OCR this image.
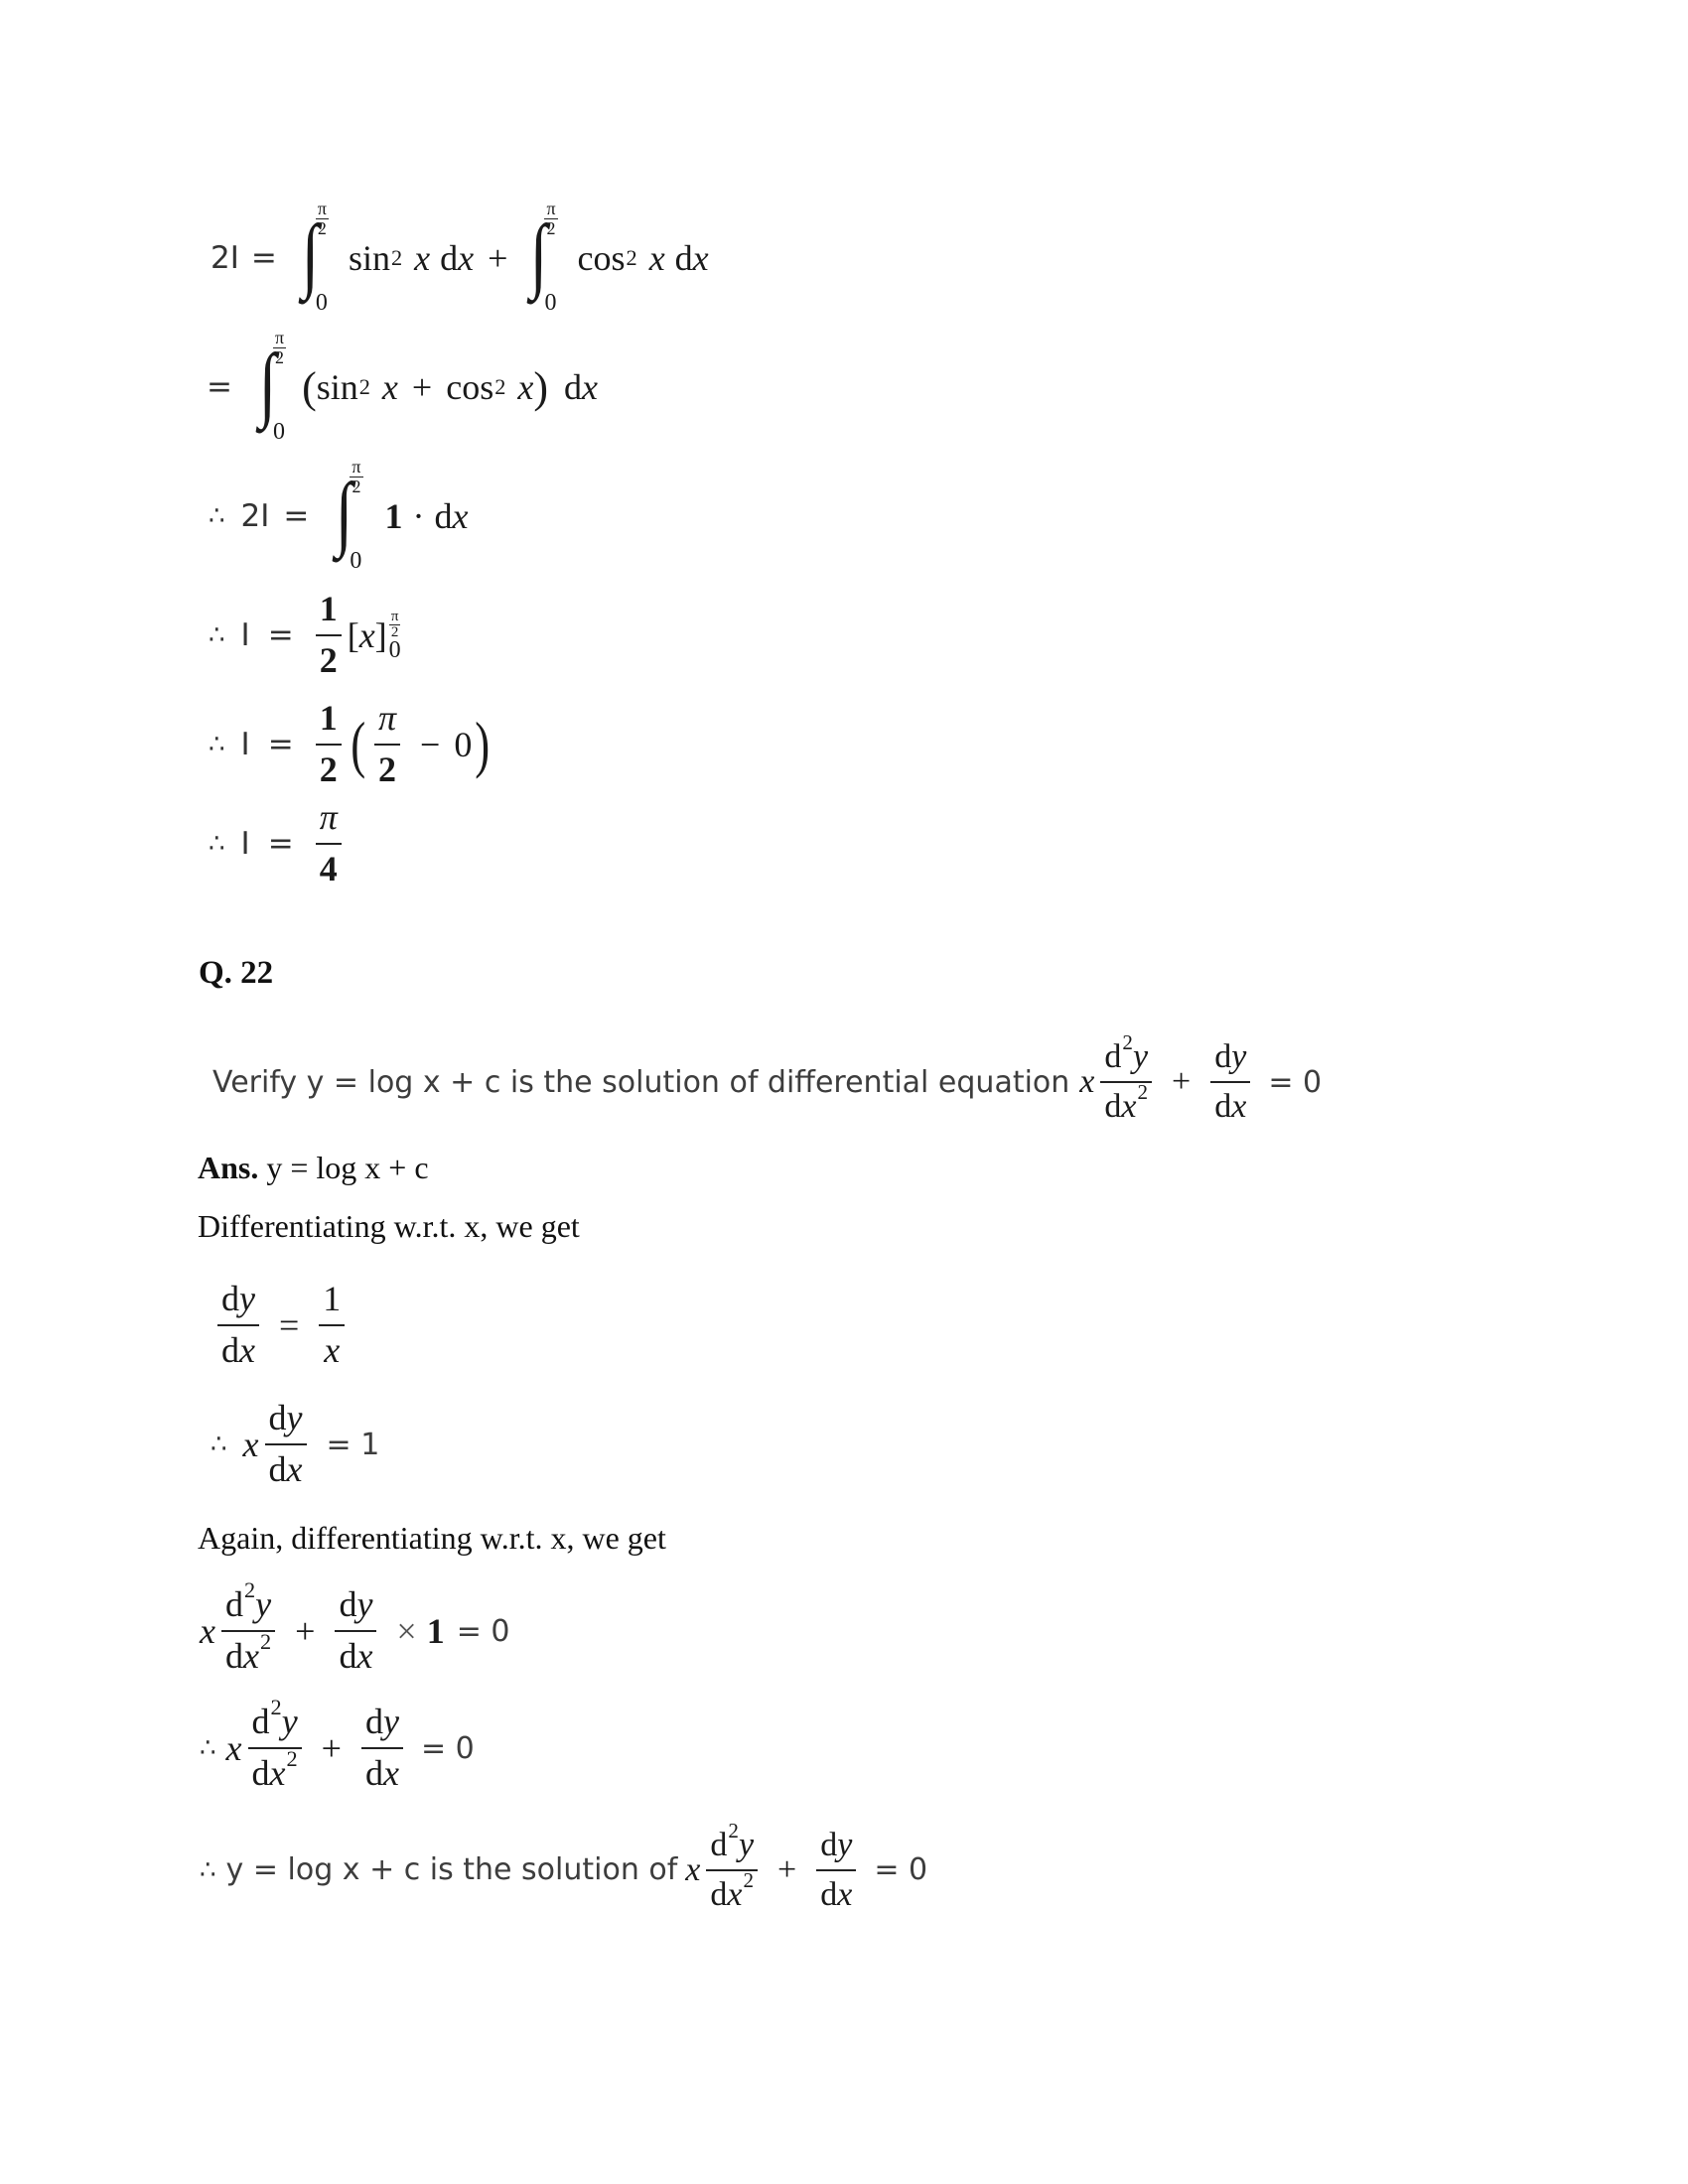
2I = ∫
π
2
0
sin 2 x d x + ∫
π
2
0
cos 2 x d x
= ∫
π
2
0
( sin 2 x + cos 2 x ) d x
∴ 2I = ∫
π
2
0
1 · d x
∴ $I = \frac{1}{2}$ [ x ] π
2
0
∴ $I = \frac{1}{2}$ ( $\frac{\pi}{2} - 0$ )
∴ $I = \frac{\pi}{4}$
Q. 22
Verify y = log x + c is the solution of differential equation x $\frac{d^2y}{dx^2} + \frac{dy}{dx} = 0$
Ans. y = log x + c
Differentiating w.r.t. x, we get
$\frac{dy}{dx} = \frac{1}{x}$
∴ x $\frac{dy}{dx} = 1$
Again, differentiating w.r.t. x, we get
x $\frac{d^2y}{dx^2} + \frac{dy}{dx} \times 1 = 0$
∴ x $\frac{d^2y}{dx^2} + \frac{dy}{dx} = 0$
∴ y = log x + c is the solution of x $\frac{d^2y}{dx^2} + \frac{dy}{dx} = 0$
